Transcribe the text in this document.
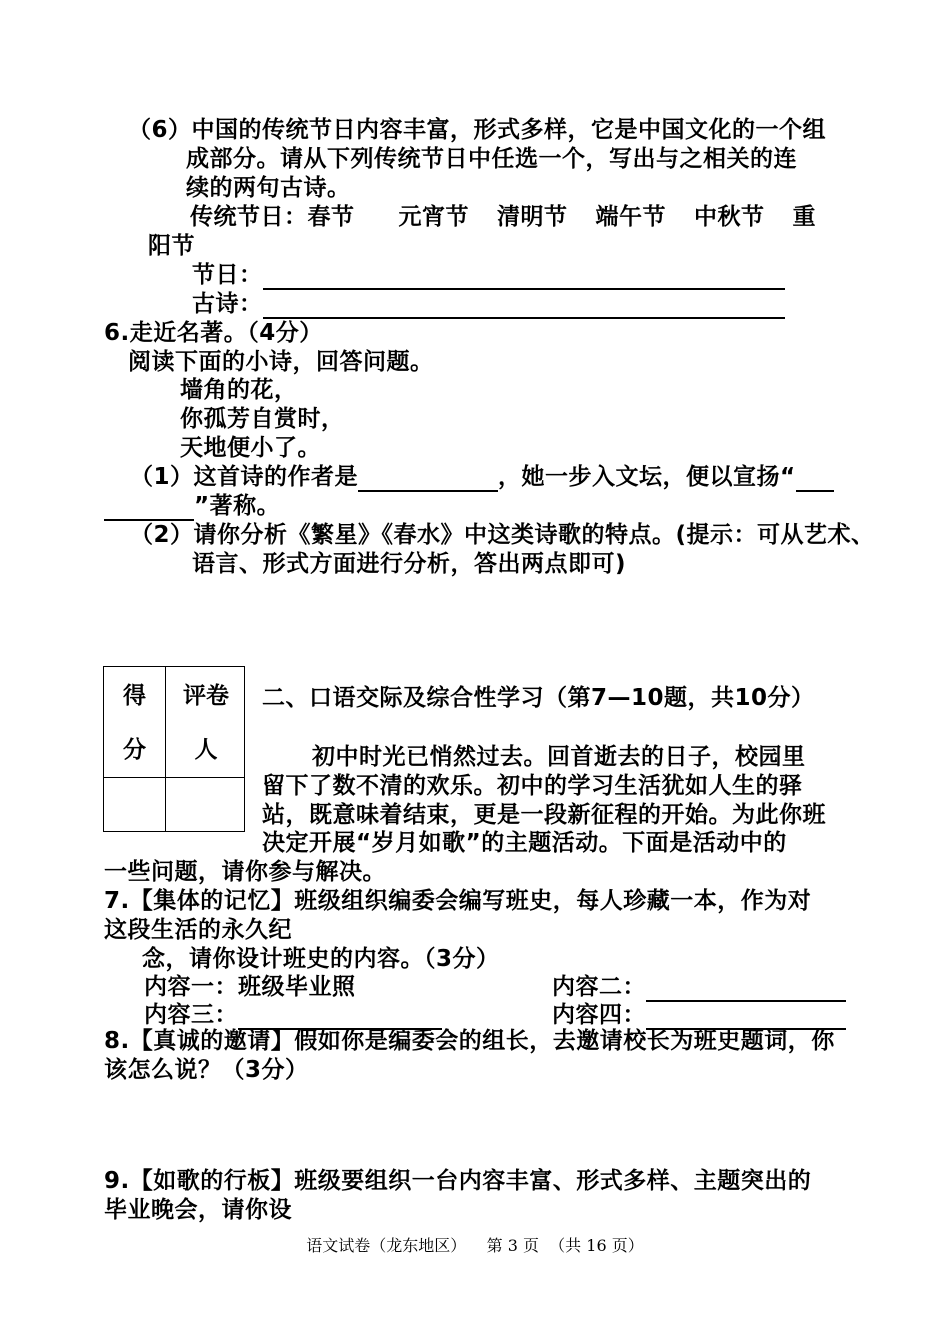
（6）中国的传统节日内容丰富，形式多样，它是中国文化的一个组
成部分。请从下列传统节日中任选一个，写出与之相关的连
续的两句古诗。
传统节日：春节 元宵节 清明节 端午节 中秋节 重
阳节
节日：
古诗：
6.走近名著。（4分）
阅读下面的小诗，回答问题。
墙角的花，
你孤芳自赏时，
天地便小了。
（1）这首诗的作者是	，她一步入文坛，便以宣扬“
”著称。
（2）请你分析《繁星》《春水》中这类诗歌的特点。(提示：可从艺术、
语言、形式方面进行分析，答出两点即可)
得
分
评卷
人
二、口语交际及综合性学习（第7—10题，共10分）
初中时光已悄然过去。回首逝去的日子，校园里
留下了数不清的欢乐。初中的学习生活犹如人生的驿
站，既意味着结束，更是一段新征程的开始。为此你班
决定开展“岁月如歌”的主题活动。下面是活动中的
一些问题，请你参与解决。
7.【集体的记忆】班级组织编委会编写班史，每人珍藏一本，作为对
这段生活的永久纪
念，请你设计班史的内容。（3分）
内容一：班级毕业照	内容二：
内容三：	内容四：
8.【真诚的邀请】假如你是编委会的组长，去邀请校长为班史题词，你
该怎么说？（3分）
9.【如歌的行板】班级要组织一台内容丰富、形式多样、主题突出的
毕业晚会，请你设
语文试卷（龙东地区） 第 3 页 （共 16 页）
